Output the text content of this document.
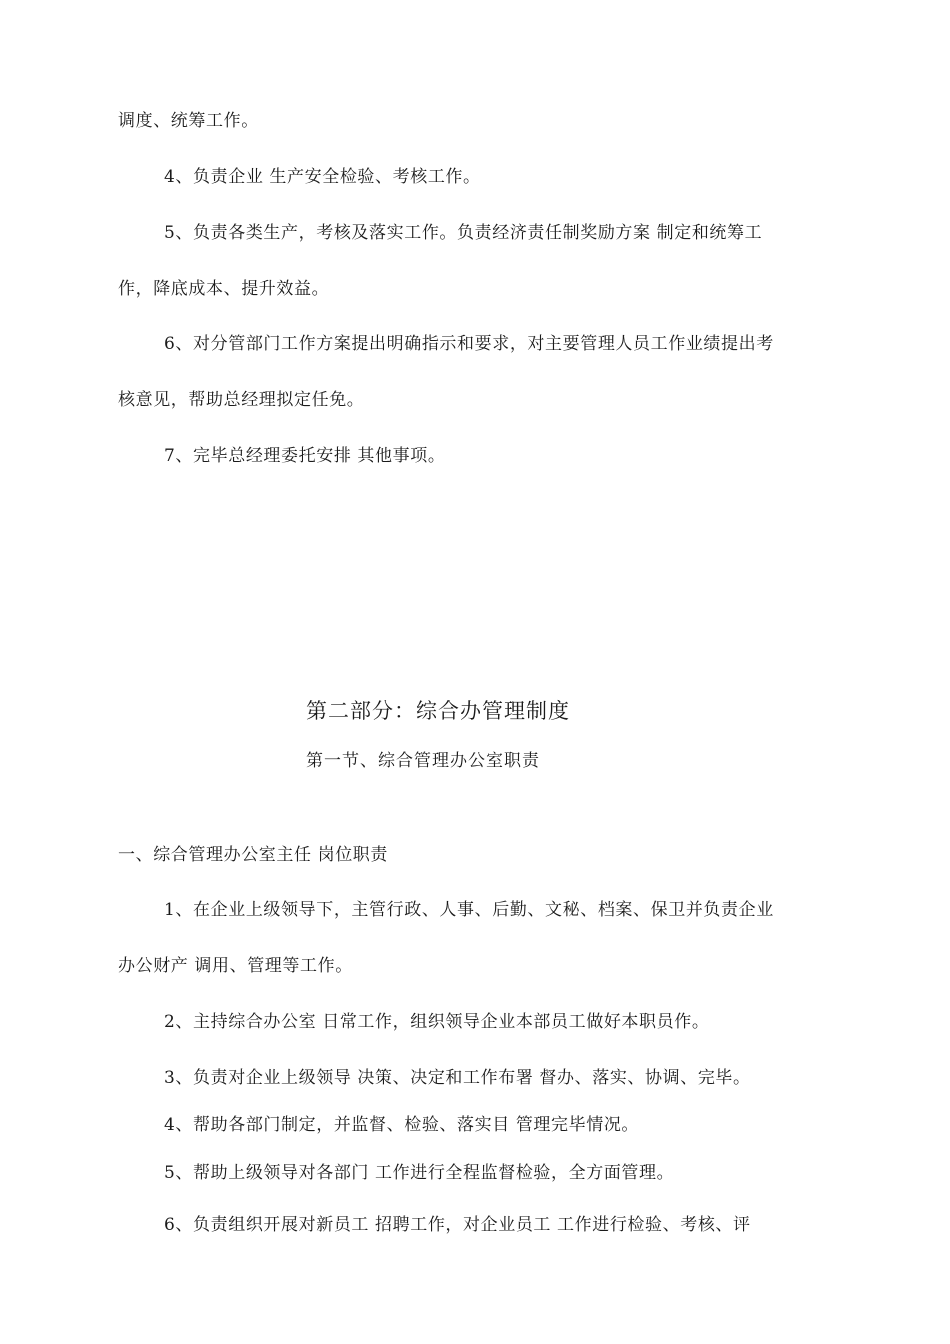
调度、统筹工作。
4、负责企业 生产安全检验、考核工作。
5、负责各类生产，考核及落实工作。负责经济责任制奖励方案 制定和统筹工
作，降底成本、提升效益。
6、对分管部门工作方案提出明确指示和要求，对主要管理人员工作业绩提出考
核意见，帮助总经理拟定任免。
7、完毕总经理委托安排 其他事项。
第二部分：综合办管理制度
第一节、综合管理办公室职责
一、综合管理办公室主任 岗位职责
1、在企业上级领导下，主管行政、人事、后勤、文秘、档案、保卫并负责企业
办公财产 调用、管理等工作。
2、主持综合办公室 日常工作，组织领导企业本部员工做好本职员作。
3、负责对企业上级领导 决策、决定和工作布署 督办、落实、协调、完毕。
4、帮助各部门制定，并监督、检验、落实目 管理完毕情况。
5、帮助上级领导对各部门 工作进行全程监督检验，全方面管理。
6、负责组织开展对新员工 招聘工作，对企业员工 工作进行检验、考核、评
